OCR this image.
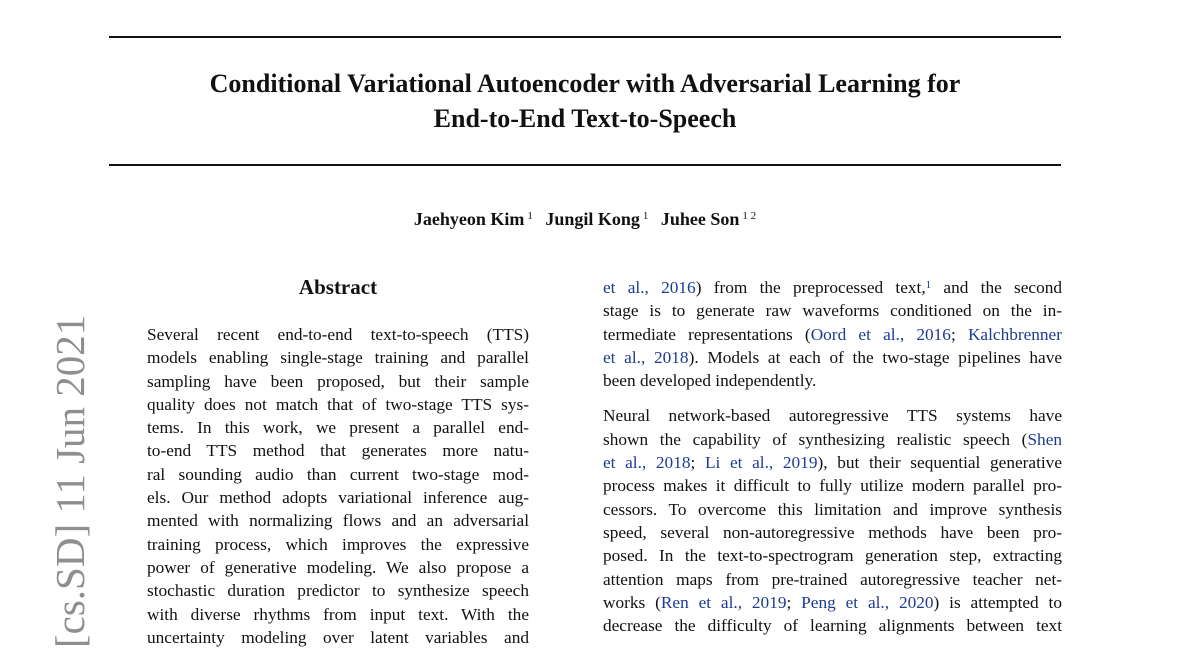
Conditional Variational Autoencoder with Adversarial Learning for
End-to-End Text-to-Speech
Jaehyeon Kim $^1$ Jungil Kong $^1$ Juhee Son $^{1 2}$
[cs.SD] 11 Jun 2021
Abstract
Several recent end-to-end text-to-speech (TTS)
models enabling single-stage training and parallel
sampling have been proposed, but their sample
quality does not match that of two-stage TTS sys-
tems. In this work, we present a parallel end-
to-end TTS method that generates more natu-
ral sounding audio than current two-stage mod-
els. Our method adopts variational inference aug-
mented with normalizing flows and an adversarial
training process, which improves the expressive
power of generative modeling. We also propose a
stochastic duration predictor to synthesize speech
with diverse rhythms from input text. With the
uncertainty modeling over latent variables and
et al., 2016) from the preprocessed text,$^1$ and the second
stage is to generate raw waveforms conditioned on the in-
termediate representations (Oord et al., 2016; Kalchbrenner
et al., 2018). Models at each of the two-stage pipelines have
been developed independently.
Neural network-based autoregressive TTS systems have
shown the capability of synthesizing realistic speech (Shen
et al., 2018; Li et al., 2019), but their sequential generative
process makes it difficult to fully utilize modern parallel pro-
cessors. To overcome this limitation and improve synthesis
speed, several non-autoregressive methods have been pro-
posed. In the text-to-spectrogram generation step, extracting
attention maps from pre-trained autoregressive teacher net-
works (Ren et al., 2019; Peng et al., 2020) is attempted to
decrease the difficulty of learning alignments between text
